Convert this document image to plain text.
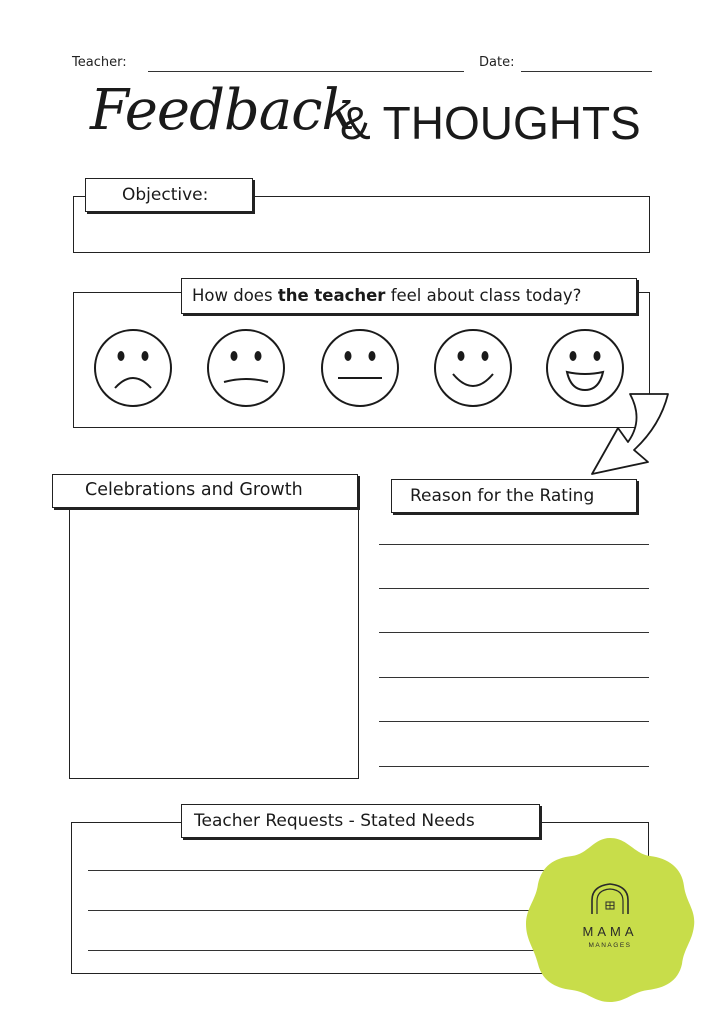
Teacher:	Date:
Feedback
& THOUGHTS
Objective:
How does the teacher feel about class today?
Celebrations and Growth	Reason for the Rating
Teacher Requests - Stated Needs
MAMA
MANAGES
